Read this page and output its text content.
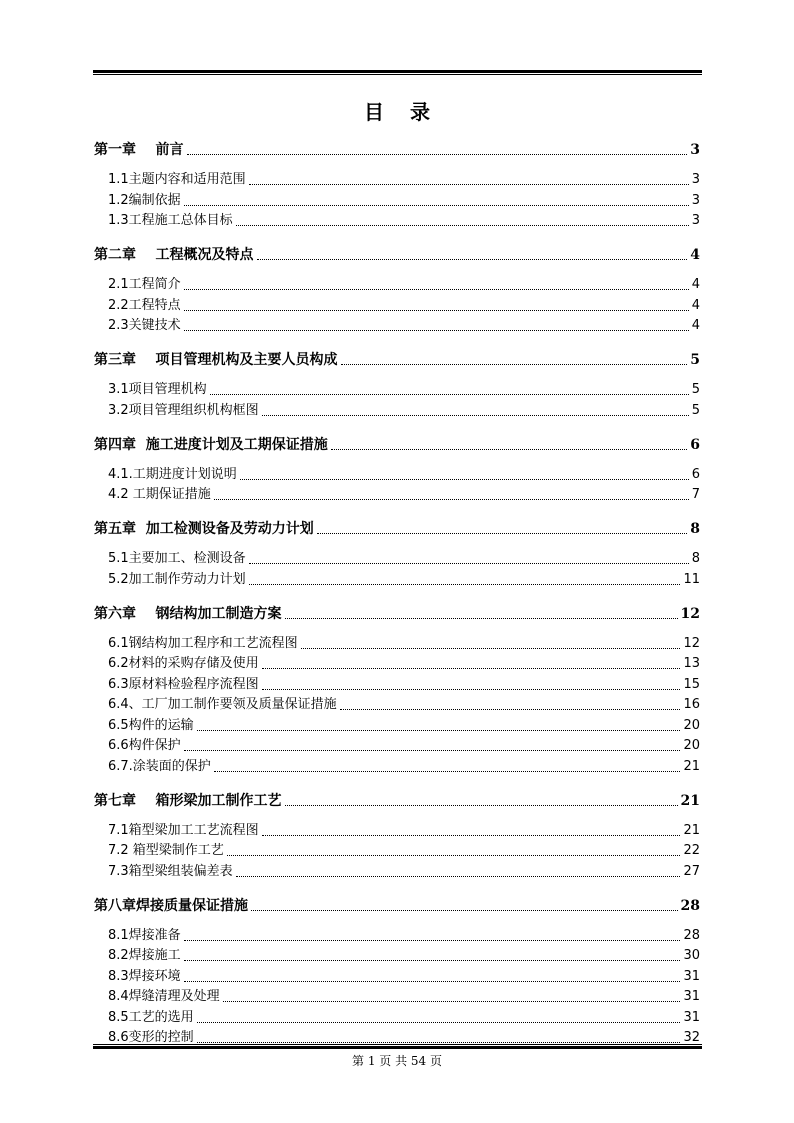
目录
第一章    前言	3
1.1主题内容和适用范围	3
1.2编制依据	3
1.3工程施工总体目标	3
第二章    工程概况及特点	4
2.1工程简介	4
2.2工程特点	4
2.3关键技术	4
第三章    项目管理机构及主要人员构成	5
3.1项目管理机构	5
3.2项目管理组织机构框图	5
第四章  施工进度计划及工期保证措施	6
4.1.工期进度计划说明	6
4.2 工期保证措施	7
第五章  加工检测设备及劳动力计划	8
5.1主要加工、检测设备	8
5.2加工制作劳动力计划	11
第六章    钢结构加工制造方案	12
6.1钢结构加工程序和工艺流程图	12
6.2材料的采购存储及使用	13
6.3原材料检验程序流程图	15
6.4、工厂加工制作要领及质量保证措施	16
6.5构件的运输	20
6.6构件保护	20
6.7.涂装面的保护	21
第七章    箱形梁加工制作工艺	21
7.1箱型梁加工工艺流程图	21
7.2 箱型梁制作工艺	22
7.3箱型梁组装偏差表	27
第八章焊接质量保证措施	28
8.1焊接准备	28
8.2焊接施工	30
8.3焊接环境	31
8.4焊缝清理及处理	31
8.5工艺的选用	31
8.6变形的控制	32
第 1 页 共 54 页
